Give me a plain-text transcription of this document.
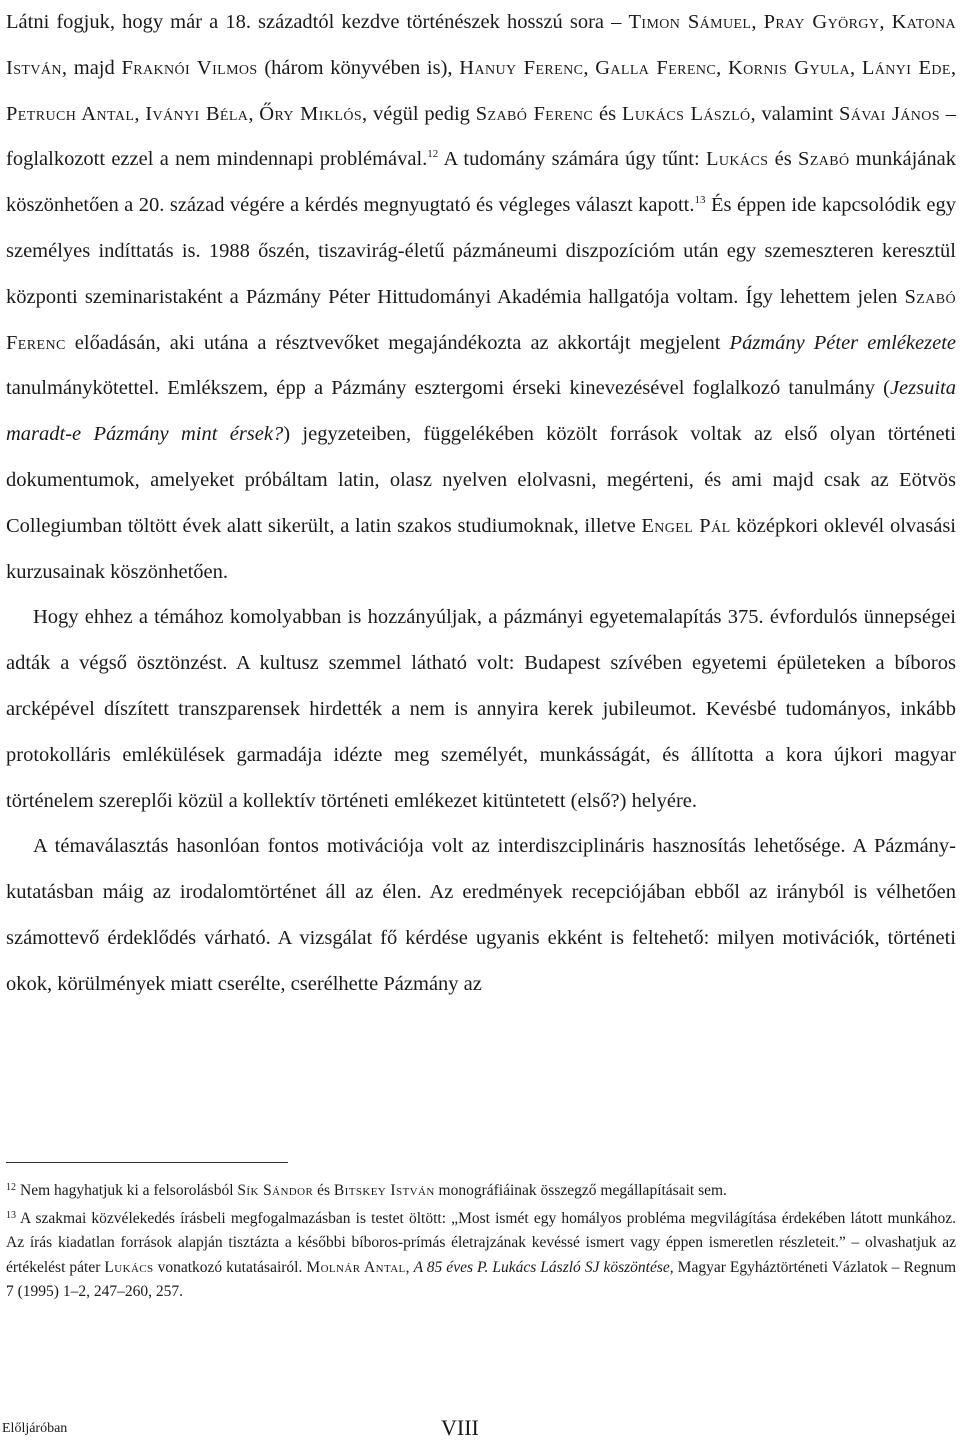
Látni fogjuk, hogy már a 18. századtól kezdve történészek hosszú sora – Timon Sámuel, Pray György, Katona István, majd Fraknói Vilmos (három könyvében is), Hanuy Ferenc, Galla Ferenc, Kornis Gyula, Lányi Ede, Petruch Antal, Iványi Béla, Őry Miklós, végül pedig Szabó Ferenc és Lukács László, valamint Sávai János – foglalkozott ezzel a nem mindennapi problémával.$^{12}$ A tudomány számára úgy tűnt: Lukács és Szabó munkájának köszönhetően a 20. század végére a kérdés megnyugtató és végleges választ kapott.$^{13}$ És éppen ide kapcsolódik egy személyes indíttatás is. 1988 őszén, tiszavirág-életű pázmáneumi diszpozícióm után egy szemeszteren keresztül központi szeminaristaként a Pázmány Péter Hittudományi Akadémia hallgatója voltam. Így lehettem jelen Szabó Ferenc előadásán, aki utána a résztvevőket megajándékozta az akkortájt megjelent Pázmány Péter emlékezete tanulmánykötettel. Emlékszem, épp a Pázmány esztergomi érseki kinevezésével foglalkozó tanulmány (Jezsuita maradt-e Pázmány mint érsek?) jegyzeteiben, függelékében közölt források voltak az első olyan történeti dokumentumok, amelyeket próbáltam latin, olasz nyelven elolvasni, megérteni, és ami majd csak az Eötvös Collegiumban töltött évek alatt sikerült, a latin szakos studiumoknak, illetve Engel Pál középkori oklevél olvasási kurzusainak köszönhetően.

Hogy ehhez a témához komolyabban is hozzányúljak, a pázmányi egyetemalapítás 375. évfordulós ünnepségei adták a végső ösztönzést. A kultusz szemmel látható volt: Budapest szívében egyetemi épületeken a bíboros arcképével díszített transzparensek hirdették a nem is annyira kerek jubileumot. Kevésbé tudományos, inkább protokolláris emlékülések garmadája idézte meg személyét, munkásságát, és állította a kora újkori magyar történelem szereplői közül a kollektív történeti emlékezet kitüntetett (első?) helyére.

A témaválasztás hasonlóan fontos motivációja volt az interdiszciplináris hasznosítás lehetősége. A Pázmány-kutatásban máig az irodalomtörténet áll az élen. Az eredmények recepciójában ebből az irányból is vélhetően számottevő érdeklődés várható. A vizsgálat fő kérdése ugyanis ekként is feltehető: milyen motivációk, történeti okok, körülmények miatt cserélte, cserélhette Pázmány az

$^{12}$ Nem hagyhatjuk ki a felsorolásból Sík Sándor és Bitskey István monográfiáinak összegző megállapításait sem.

$^{13}$ A szakmai közvélekedés írásbeli megfogalmazásban is testet öltött: „Most ismét egy homályos probléma megvilágítása érdekében látott munkához. Az írás kiadatlan források alapján tisztázta a későbbi bíboros-prímás életrajzának kevéssé ismert vagy éppen ismeretlen részleteit.” – olvashatjuk az értékelést páter Lukács vonatkozó kutatásairól. Molnár Antal, A 85 éves P. Lukács László SJ köszöntése, Magyar Egyháztörténeti Vázlatok – Regnum 7 (1995) 1–2, 247–260, 257.

Előljáróban	VIII
